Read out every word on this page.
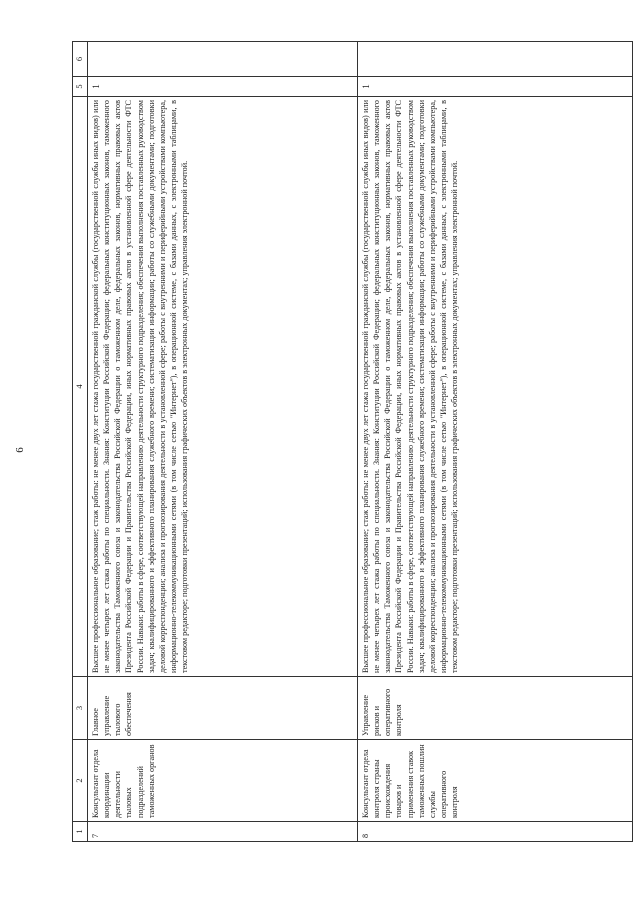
6
1	2	3	4	5	6
7	Консультант отдела координации деятельности тыловых подразделений таможенных органов	Главное управление тылового обеспечения	Высшее профессиональное образование; стаж работы: не менее двух лет стажа государственной гражданской службы (государственной службы иных видов) или не менее четырех лет стажа работы по специальности. Знания: Конституции Российской Федерации; федеральных конституционных законов, таможенного законодательства Таможенного союза и законодательства Российской Федерации о таможенном деле, федеральных законов, нормативных правовых актов Президента Российской Федерации и Правительства Российской Федерации, иных нормативных правовых актов в установленной сфере деятельности ФТС России. Навыки: работы в сфере, соответствующей направлению деятельности структурного подразделения; обеспечения выполнения поставленных руководством задач; квалифицированного и эффективного планирования служебного времени; систематизации информации; работы со служебными документами; подготовки деловой корреспонденции; анализа и прогнозирования деятельности в установленной сфере; работы с внутренними и периферийными устройствами компьютера, информационно-телекоммуникационными сетями (в том числе сетью "Интернет"), в операционной системе, с базами данных, с электронными таблицами, в текстовом редакторе; подготовки презентаций; использования графических объектов в электронных документах; управления электронной почтой.	1	
8	Консультант отдела контроля страны происхождения товаров и применения ставок таможенных пошлин службы оперативного контроля	Управление рисков и оперативного контроля	Высшее профессиональное образование; стаж работы: не менее двух лет стажа государственной гражданской службы (государственной службы иных видов) или не менее четырех лет стажа работы по специальности. Знания: Конституции Российской Федерации; федеральных конституционных законов, таможенного законодательства Таможенного союза и законодательства Российской Федерации о таможенном деле, федеральных законов, нормативных правовых актов Президента Российской Федерации и Правительства Российской Федерации, иных нормативных правовых актов в установленной сфере деятельности ФТС России. Навыки: работы в сфере, соответствующей направлению деятельности структурного подразделения; обеспечения выполнения поставленных руководством задач; квалифицированного и эффективного планирования служебного времени; систематизации информации; работы со служебными документами; подготовки деловой корреспонденции; анализа и прогнозирования деятельности в установленной сфере; работы с внутренними и периферийными устройствами компьютера, информационно-телекоммуникационными сетями (в том числе сетью "Интернет"), в операционной системе, с базами данных, с электронными таблицами, в текстовом редакторе; подготовки презентаций; использования графических объектов в электронных документах; управления электронной почтой.	1	
